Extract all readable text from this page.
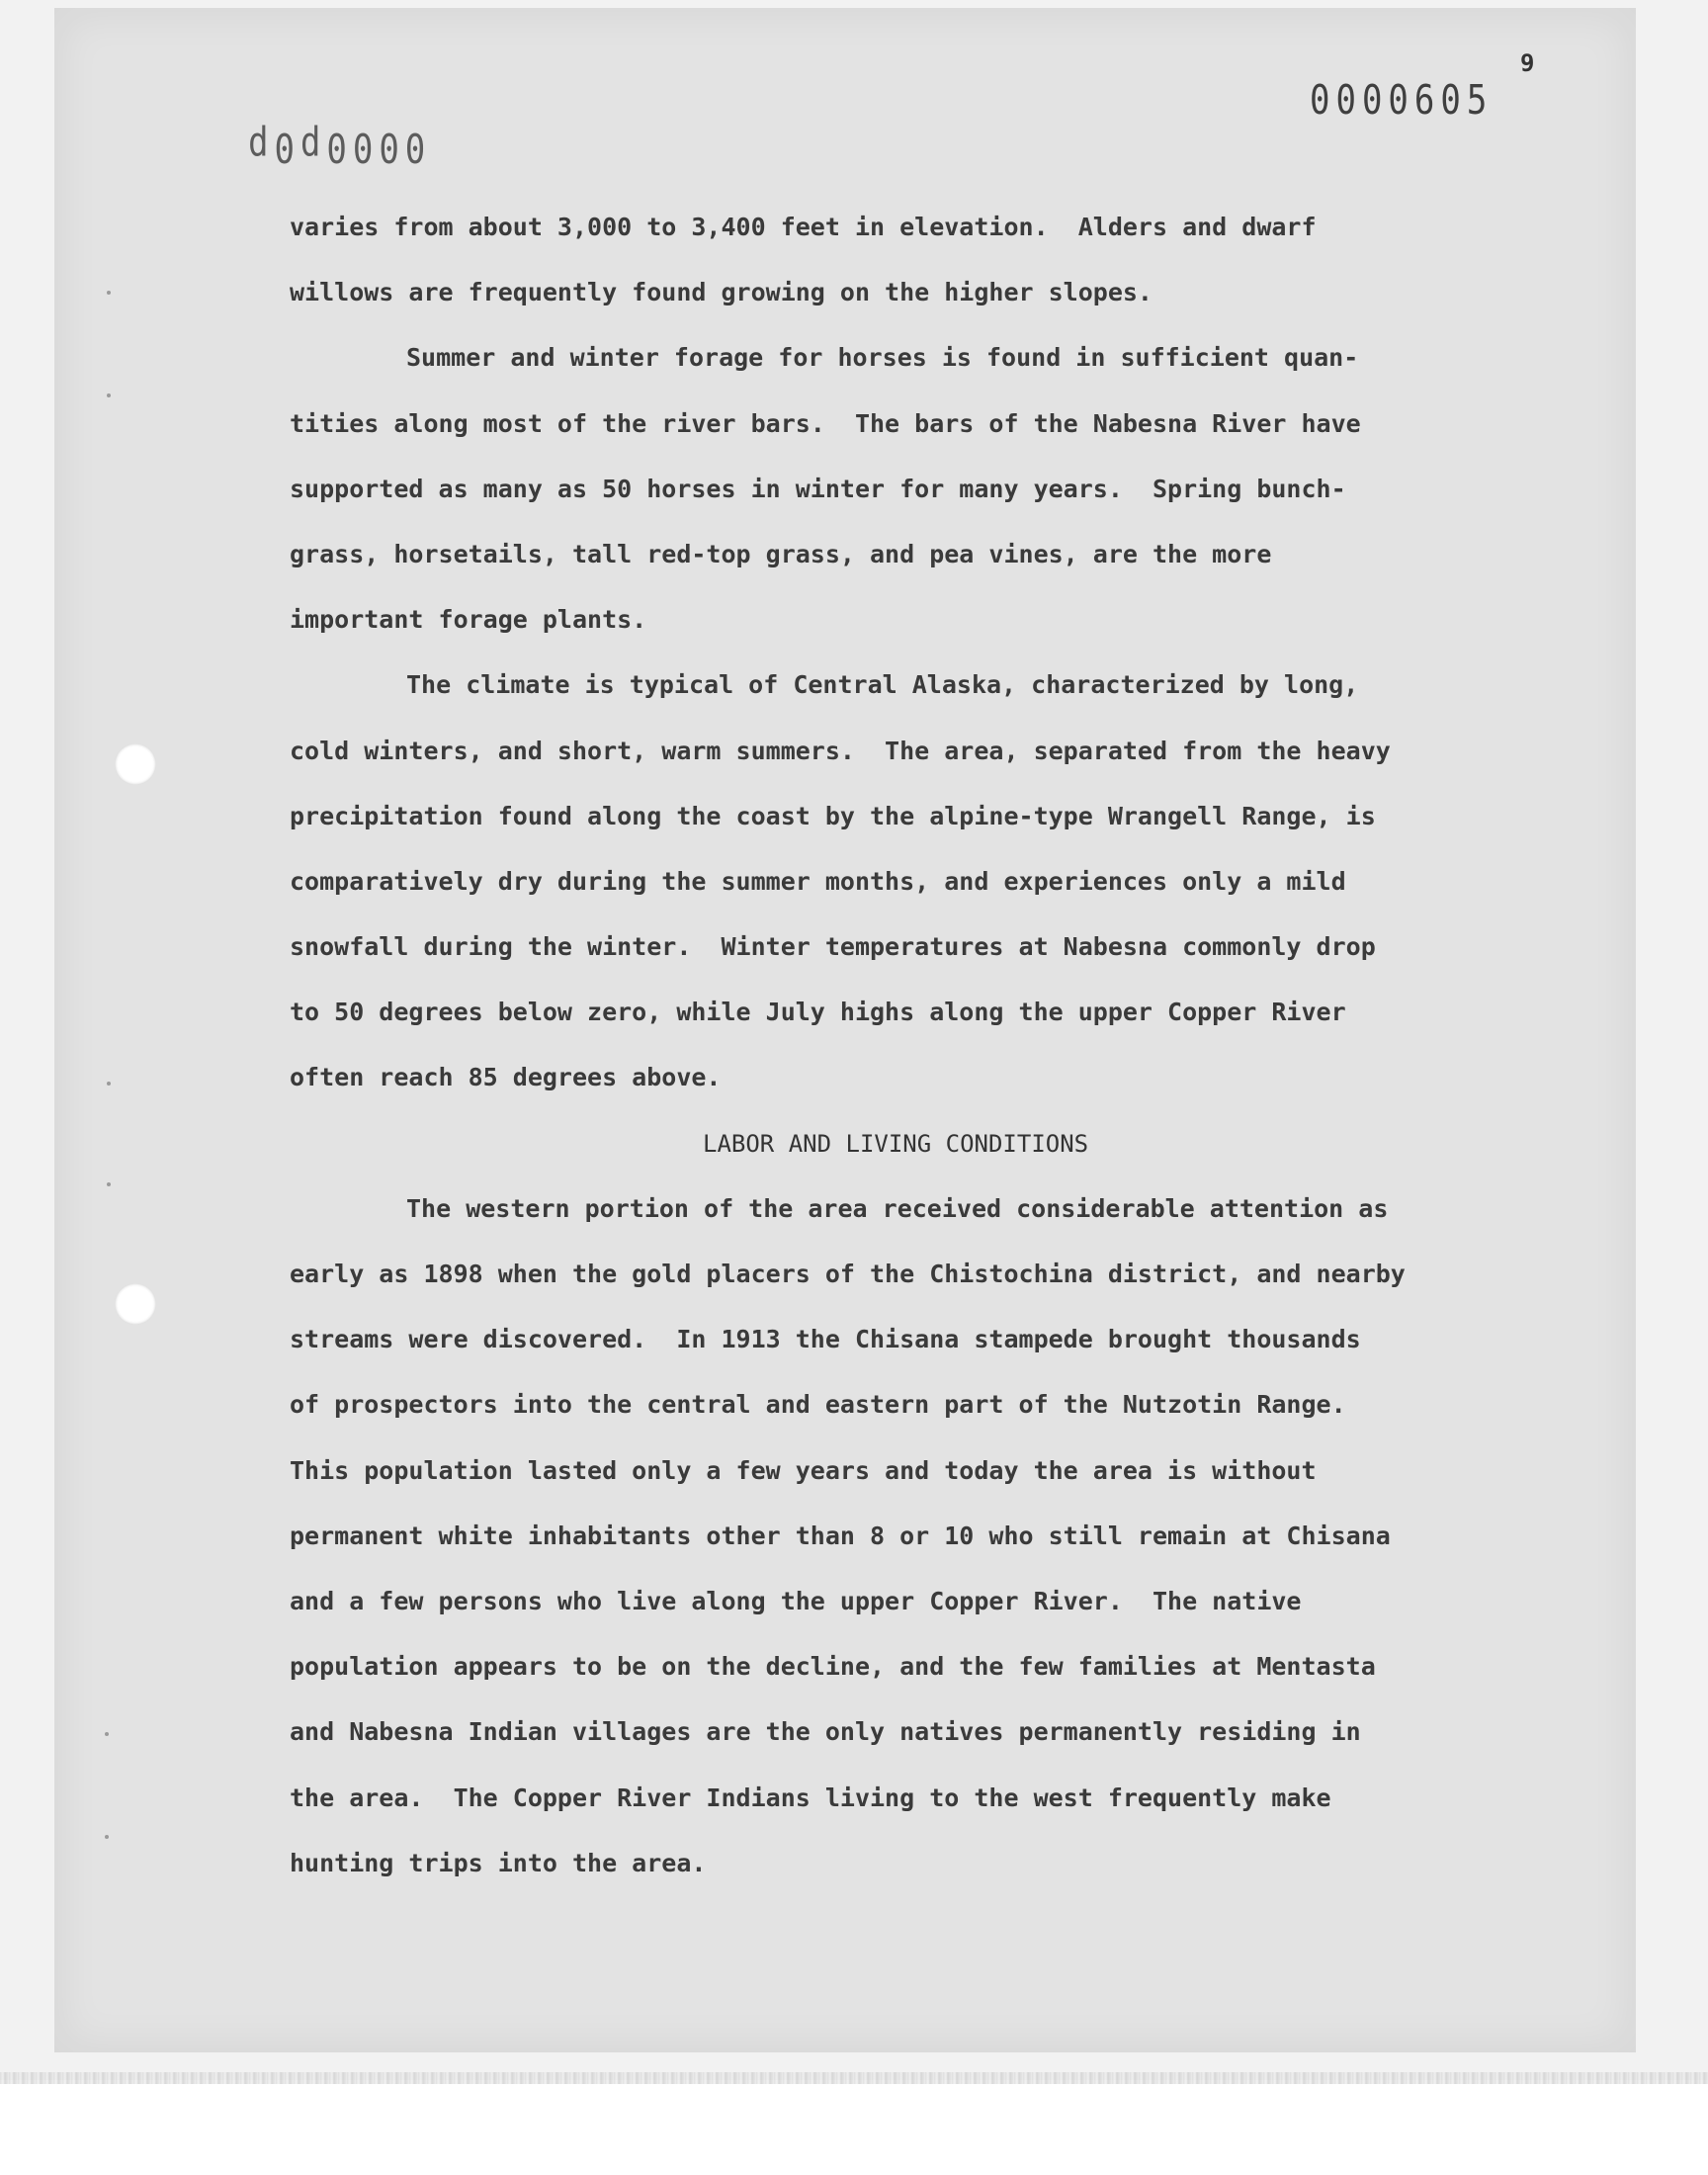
9
0000605
0000p0p
varies from about 3,000 to 3,400 feet in elevation.  Alders and dwarf
willows are frequently found growing on the higher slopes.
Summer and winter forage for horses is found in sufficient quan-
tities along most of the river bars.  The bars of the Nabesna River have
supported as many as 50 horses in winter for many years.  Spring bunch-
grass, horsetails, tall red-top grass, and pea vines, are the more
important forage plants.
The climate is typical of Central Alaska, characterized by long,
cold winters, and short, warm summers.  The area, separated from the heavy
precipitation found along the coast by the alpine-type Wrangell Range, is
comparatively dry during the summer months, and experiences only a mild
snowfall during the winter.  Winter temperatures at Nabesna commonly drop
to 50 degrees below zero, while July highs along the upper Copper River
often reach 85 degrees above.
LABOR AND LIVING CONDITIONS
The western portion of the area received considerable attention as
early as 1898 when the gold placers of the Chistochina district, and nearby
streams were discovered.  In 1913 the Chisana stampede brought thousands
of prospectors into the central and eastern part of the Nutzotin Range.
This population lasted only a few years and today the area is without
permanent white inhabitants other than 8 or 10 who still remain at Chisana
and a few persons who live along the upper Copper River.  The native
population appears to be on the decline, and the few families at Mentasta
and Nabesna Indian villages are the only natives permanently residing in
the area.  The Copper River Indians living to the west frequently make
hunting trips into the area.
